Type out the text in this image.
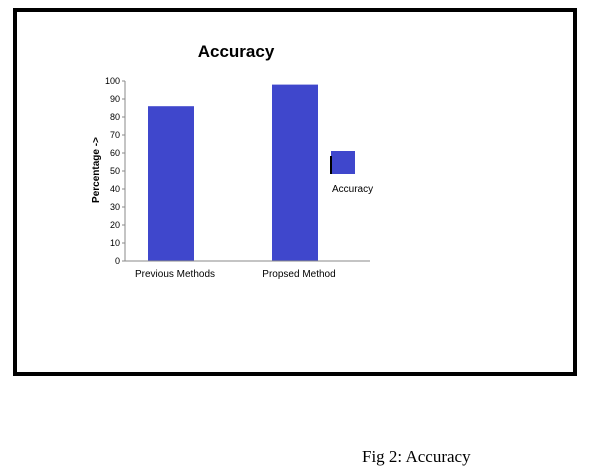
Accuracy
Percentage ->
0
10
20
30
40
50
60
70
80
90
100
Previous Methods	Propsed Method
Accuracy
Fig 2: Accuracy
